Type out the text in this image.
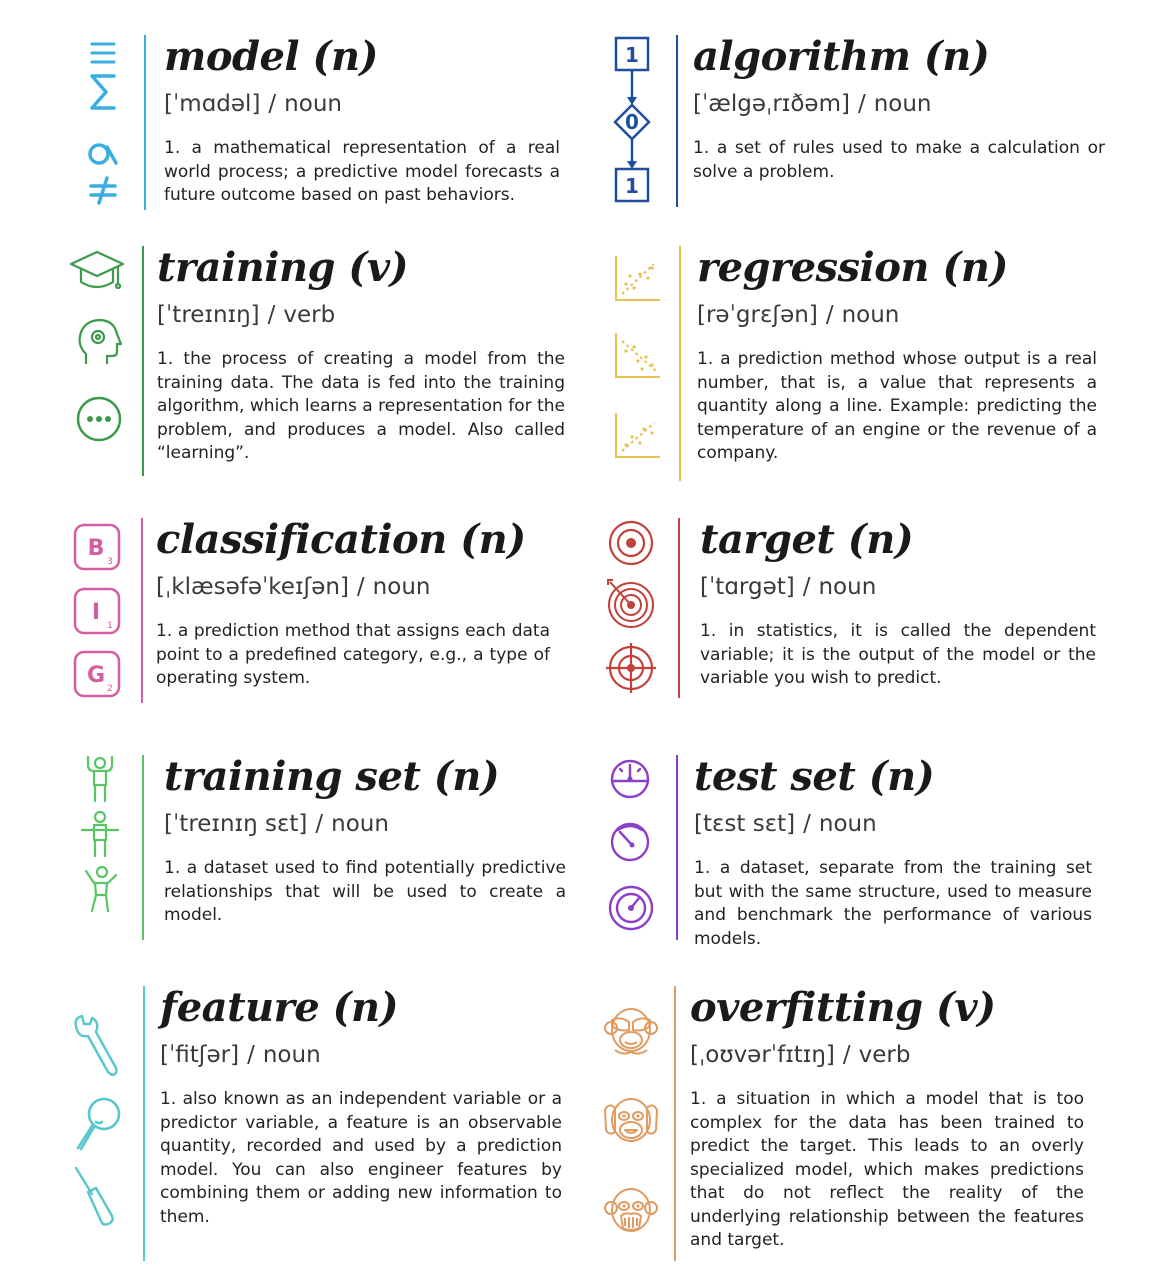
model (n)

[ˈmɑdəl] / noun

1. a mathematical representation of a real world process; a predictive model forecasts a future outcome based on past behaviors.

1
0
1
algorithm (n)

[ˈælgəˌrɪðəm] / noun

1. a set of rules used to make a calculation or solve a problem.

training (v)

[ˈtreɪnɪŋ] / verb

1. the process of creating a model from the training data. The data is fed into the training algorithm, which learns a representation for the problem, and produces a model. Also called “learning”.

regression (n)

[rəˈgrɛʃən] / noun

1. a prediction method whose output is a real number, that is, a value that represents a quantity along a line. Example: predicting the temperature of an engine or the revenue of a company.

B
3
I
1
G
2
classification (n)

[ˌklæsəfəˈkeɪʃən] / noun

1. a prediction method that assigns each data point to a predefined category, e.g., a type of operating system.

target (n)

[ˈtɑrgət] / noun

1. in statistics, it is called the dependent variable; it is the output of the model or the variable you wish to predict.

training set (n)

[ˈtreɪnɪŋ sɛt] / noun

1. a dataset used to find potentially predictive relationships that will be used to create a model.

test set (n)

[tɛst sɛt] / noun

1. a dataset, separate from the training set but with the same structure, used to measure and benchmark the performance of various models.

feature (n)

[ˈfitʃər] / noun

1. also known as an independent variable or a predictor variable, a feature is an observable quantity, recorded and used by a prediction model. You can also engineer features by combining them or adding new information to them.

overfitting (v)

[ˌoʊvərˈfɪtɪŋ] / verb

1. a situation in which a model that is too complex for the data has been trained to predict the target. This leads to an overly specialized model, which makes predictions that do not reflect the reality of the underlying relationship between the features and target.
